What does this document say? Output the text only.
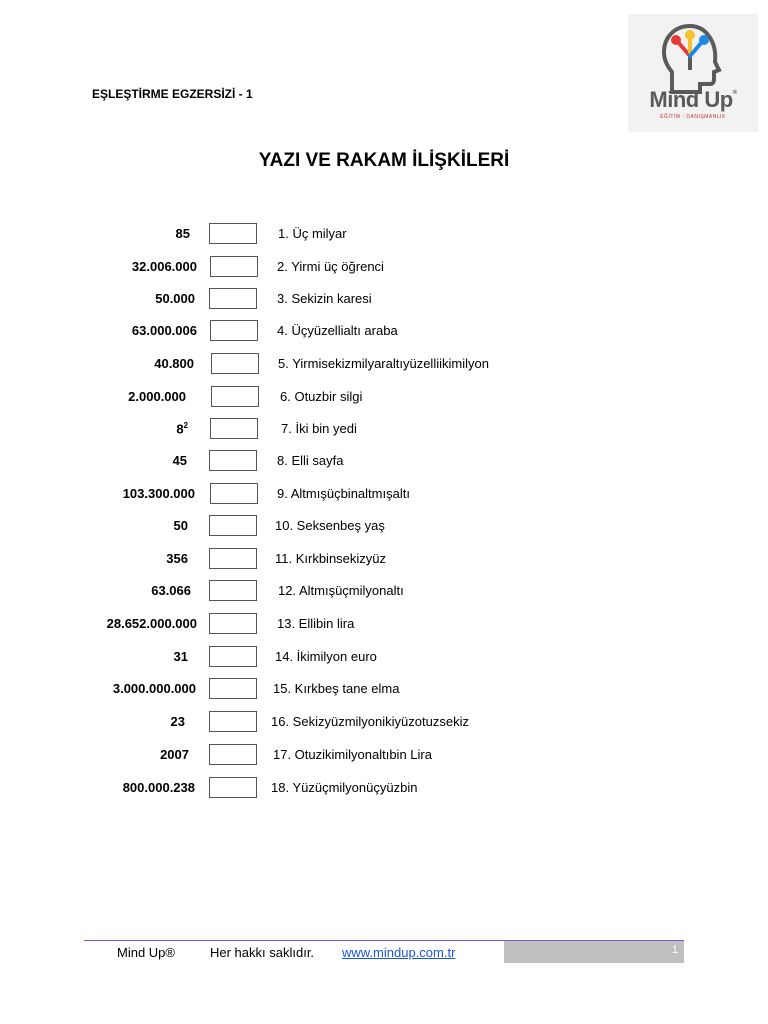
EŞLEŞTİRME EGZERSİZİ - 1	Mind Up®
EĞİTİM - DANIŞMANLIK
YAZI VE RAKAM İLİŞKİLERİ
85	1. Üç milyar
32.006.000	2. Yirmi üç öğrenci
50.000	3. Sekizin karesi
63.000.006	4. Üçyüzellialtı araba
40.800	5. Yirmisekizmilyaraltıyüzelliikimilyon
2.000.000	6. Otuzbir silgi
$8^2$	7. İki bin yedi
45	8. Elli sayfa
103.300.000	9. Altmışüçbinaltmışaltı
50	10. Seksenbeş yaş
356	11. Kırkbinsekizyüz
63.066	12. Altmışüçmilyonaltı
28.652.000.000	13. Ellibin lira
31	14. İkimilyon euro
3.000.000.000	15. Kırkbeş tane elma
23	16. Sekizyüzmilyonikiyüzotuzsekiz
2007	17. Otuzikimilyonaltıbin Lira
800.000.238	18. Yüzüçmilyonüçyüzbin
Mind Up®	Her hakkı saklıdır. www.mindup.com.tr	1
